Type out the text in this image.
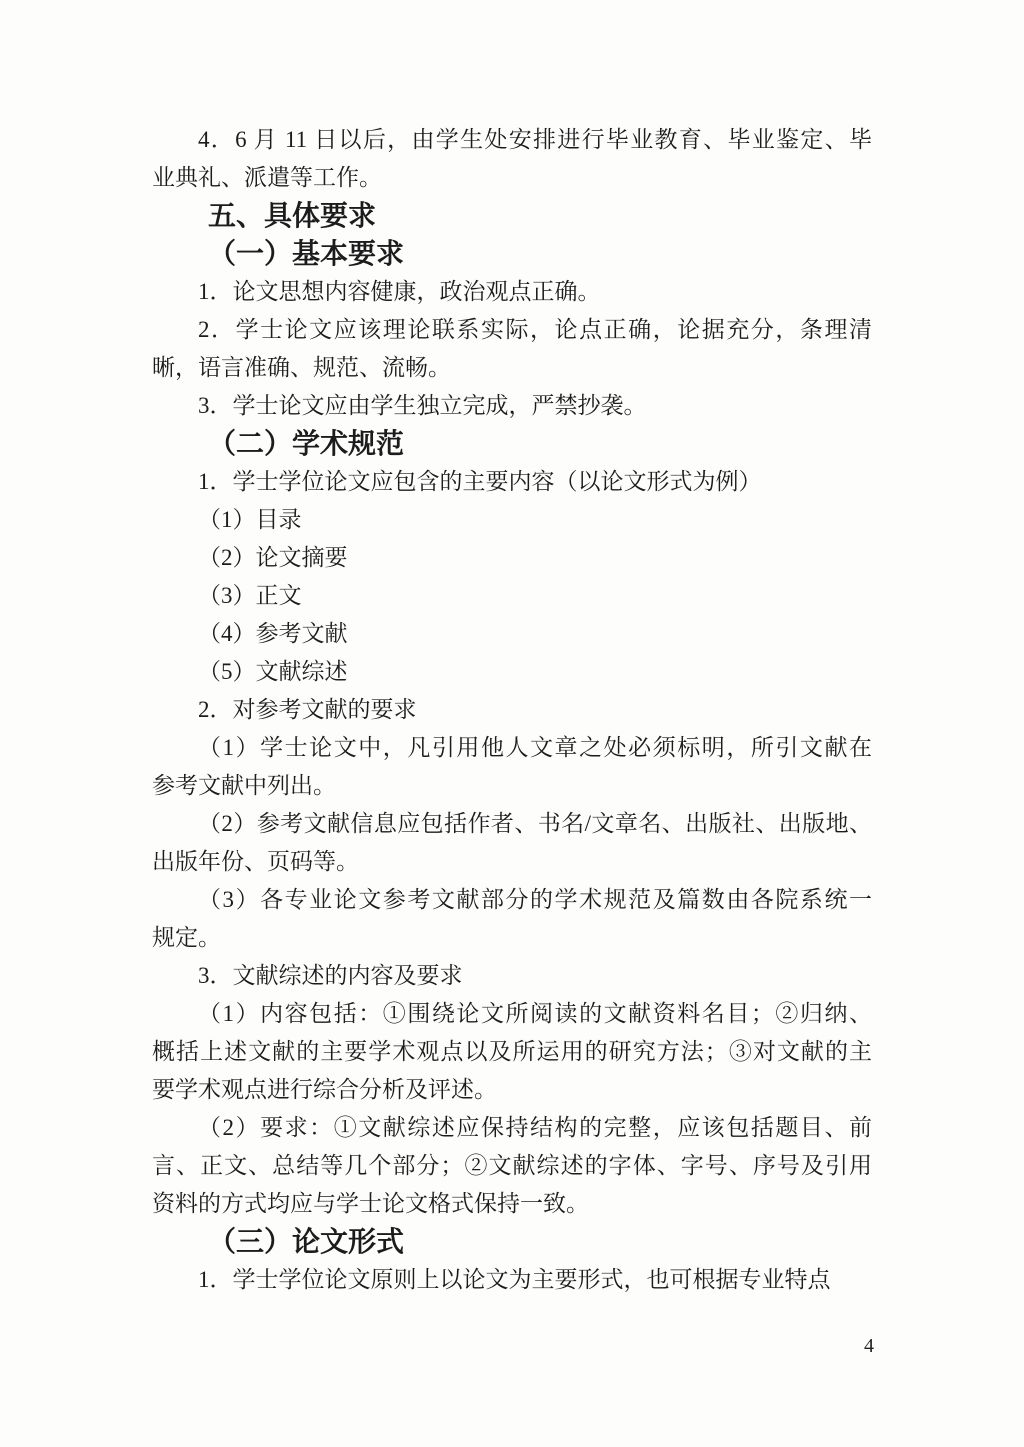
4．6 月 11 日以后，由学生处安排进行毕业教育、毕业鉴定、毕
业典礼、派遣等工作。
五、具体要求
（一）基本要求
1．论文思想内容健康，政治观点正确。
2．学士论文应该理论联系实际，论点正确，论据充分，条理清
晰，语言准确、规范、流畅。
3．学士论文应由学生独立完成，严禁抄袭。
（二）学术规范
1．学士学位论文应包含的主要内容（以论文形式为例）
（1）目录
（2）论文摘要
（3）正文
（4）参考文献
（5）文献综述
2．对参考文献的要求
（1）学士论文中，凡引用他人文章之处必须标明，所引文献在
参考文献中列出。
（2）参考文献信息应包括作者、书名/文章名、出版社、出版地、
出版年份、页码等。
（3）各专业论文参考文献部分的学术规范及篇数由各院系统一
规定。
3．文献综述的内容及要求
（1）内容包括：①围绕论文所阅读的文献资料名目；②归纳、
概括上述文献的主要学术观点以及所运用的研究方法；③对文献的主
要学术观点进行综合分析及评述。
（2）要求：①文献综述应保持结构的完整，应该包括题目、前
言、正文、总结等几个部分；②文献综述的字体、字号、序号及引用
资料的方式均应与学士论文格式保持一致。
（三）论文形式
1．学士学位论文原则上以论文为主要形式，也可根据专业特点
4
